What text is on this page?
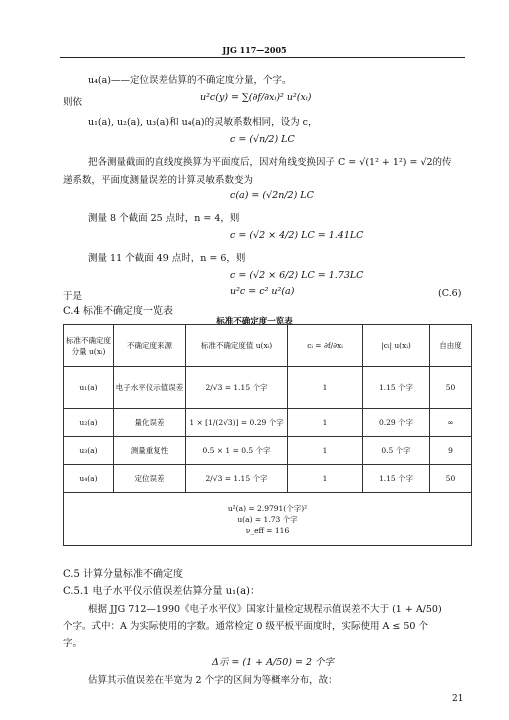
JJG 117—2005
u₄(a)——定位误差估算的不确定度分量，个字。
则依	u²c(y) = ∑(∂f/∂xᵢ)² u²(xᵢ)
u₁(a), u₂(a), u₃(a)和 u₄(a)的灵敏系数相同，设为 c，
c = (√n/2) LC
把各测量截面的直线度换算为平面度后，因对角线变换因子 C = √(1² + 1²) = √2的传
递系数，平面度测量误差的计算灵敏系数变为
c(a) = (√2n/2) LC
测量 8 个截面 25 点时，n = 4，则
c = (√2 × 4/2) LC = 1.41LC
测量 11 个截面 49 点时，n = 6，则
c = (√2 × 6/2) LC = 1.73LC
于是	u²c = c² u²(a)	(C.6)
C.4 标准不确定度一览表
标准不确定度一览表
标准不确定度分量 u(xᵢ)	不确定度来源	标准不确定度值 u(xᵢ)	cᵢ = ∂f/∂xᵢ	|cᵢ| u(xᵢ)	自由度
u₁(a)	电子水平仪示值误差	2/√3 = 1.15 个字	1	1.15 个字	50
u₂(a)	量化误差	1 × [1/(2√3)] = 0.29 个字	1	0.29 个字	∞
u₃(a)	测量重复性	0.5 × 1 = 0.5 个字	1	0.5 个字	9
u₄(a)	定位误差	2/√3 = 1.15 个字	1	1.15 个字	50

u²(a) = 2.9791(个字)²
u(a) = 1.73 个字
ν_eff = 116					
C.5 计算分量标准不确定度
C.5.1 电子水平仪示值误差估算分量 u₁(a)：
根据 JJG 712—1990《电子水平仪》国家计量检定规程示值误差不大于 (1 + A/50)
个字。式中：A 为实际使用的字数。通常检定 0 级平板平面度时，实际使用 A ≤ 50 个
字。
Δ示 = (1 + A/50) = 2 个字
估算其示值误差在半宽为 2 个字的区间为等概率分布，故：
21
